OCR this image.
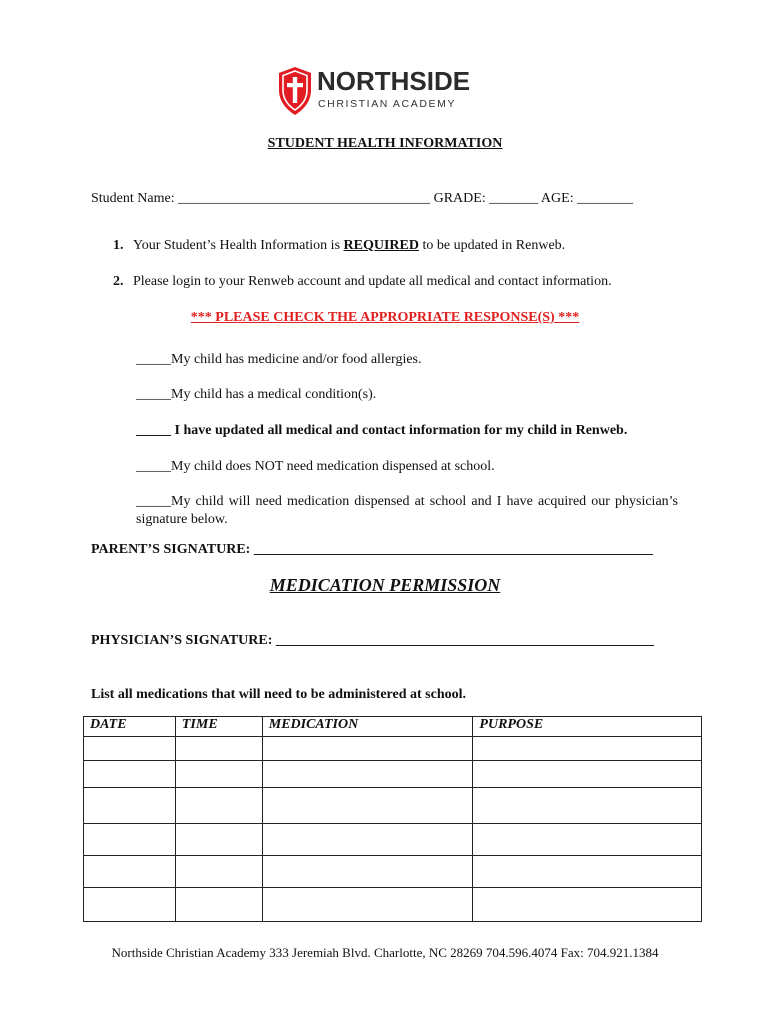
NORTHSIDE
CHRISTIAN ACADEMY
STUDENT HEALTH INFORMATION
Student Name: ____________________________________ GRADE: _______ AGE: ________
1. Your Student’s Health Information is REQUIRED to be updated in Renweb.
2. Please login to your Renweb account and update all medical and contact information.
*** PLEASE CHECK THE APPROPRIATE RESPONSE(S) ***
_____My child has medicine and/or food allergies.
_____My child has a medical condition(s).
_____ I have updated all medical and contact information for my child in Renweb.
_____My child does NOT need medication dispensed at school.
_____My child will need medication dispensed at school and I have acquired our physician’s signature below.
PARENT’S SIGNATURE: _________________________________________________________
MEDICATION PERMISSION
PHYSICIAN’S SIGNATURE: ______________________________________________________
List all medications that will need to be administered at school.
DATE	TIME	MEDICATION	PURPOSE

Northside Christian Academy 333 Jeremiah Blvd. Charlotte, NC 28269 704.596.4074 Fax: 704.921.1384
